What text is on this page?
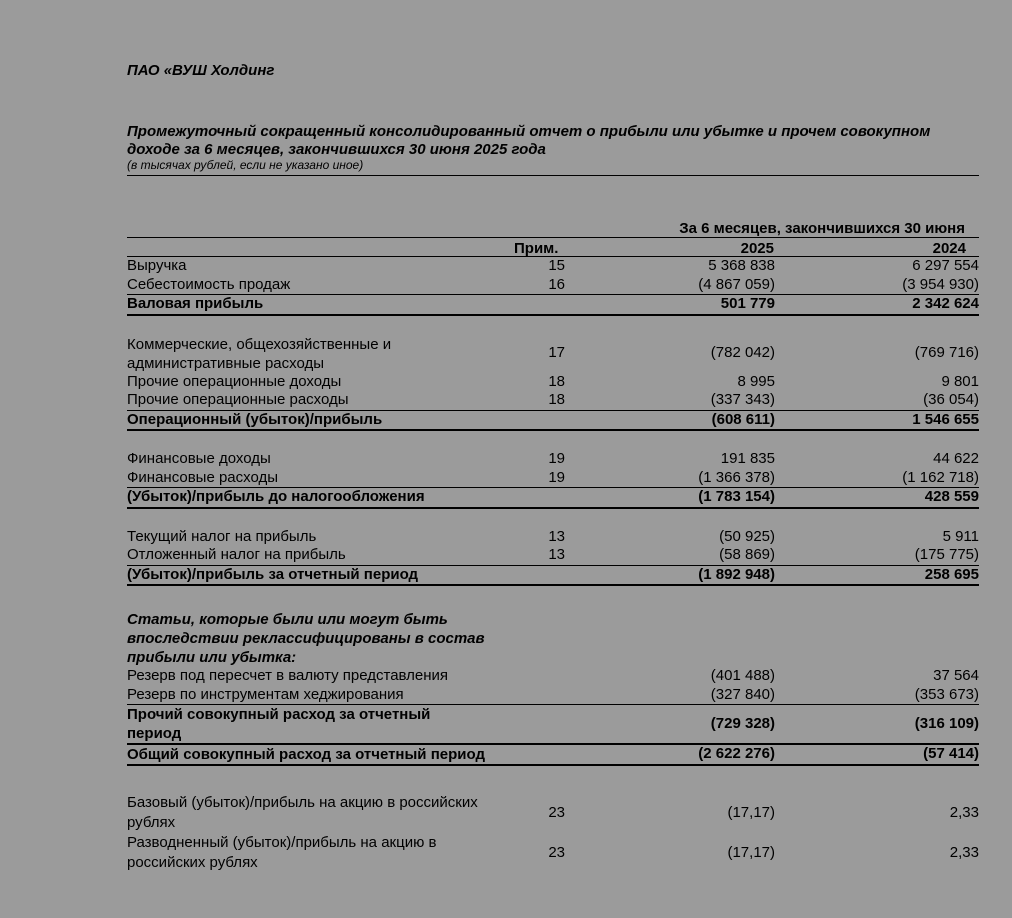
ПАО «ВУШ Холдинг
Промежуточный сокращенный консолидированный отчет о прибыли или убытке и прочем совокупном доходе за 6 месяцев, закончившихся 30 июня 2025 года
(в тысячах рублей, если не указано иное)
За 6 месяцев, закончившихся 30 июня
Прим.	2025	2024
Выручка	15	5 368 838	6 297 554
Себестоимость продаж	16	(4 867 059)	(3 954 930)
Валовая прибыль		501 779	2 342 624

Коммерческие, общехозяйственные и административные расходы	17	(782 042)	(769 716)
Прочие операционные доходы	18	8 995	9 801
Прочие операционные расходы	18	(337 343)	(36 054)
Операционный (убыток)/прибыль		(608 611)	1 546 655

Финансовые доходы	19	191 835	44 622
Финансовые расходы	19	(1 366 378)	(1 162 718)
(Убыток)/прибыль до налогообложения		(1 783 154)	428 559

Текущий налог на прибыль	13	(50 925)	5 911
Отложенный налог на прибыль	13	(58 869)	(175 775)
(Убыток)/прибыль за отчетный период		(1 892 948)	258 695

Статьи, которые были или могут быть впоследствии реклассифицированы в состав прибыли или убытка:			
Резерв под пересчет в валюту представления		(401 488)	37 564
Резерв по инструментам хеджирования		(327 840)	(353 673)
Прочий совокупный расход за отчетный период		(729 328)	(316 109)
Общий совокупный расход за отчетный период		(2 622 276)	(57 414)

Базовый (убыток)/прибыль на акцию в российских рублях	23	(17,17)	2,33
Разводненный (убыток)/прибыль на акцию в российских рублях	23	(17,17)	2,33
